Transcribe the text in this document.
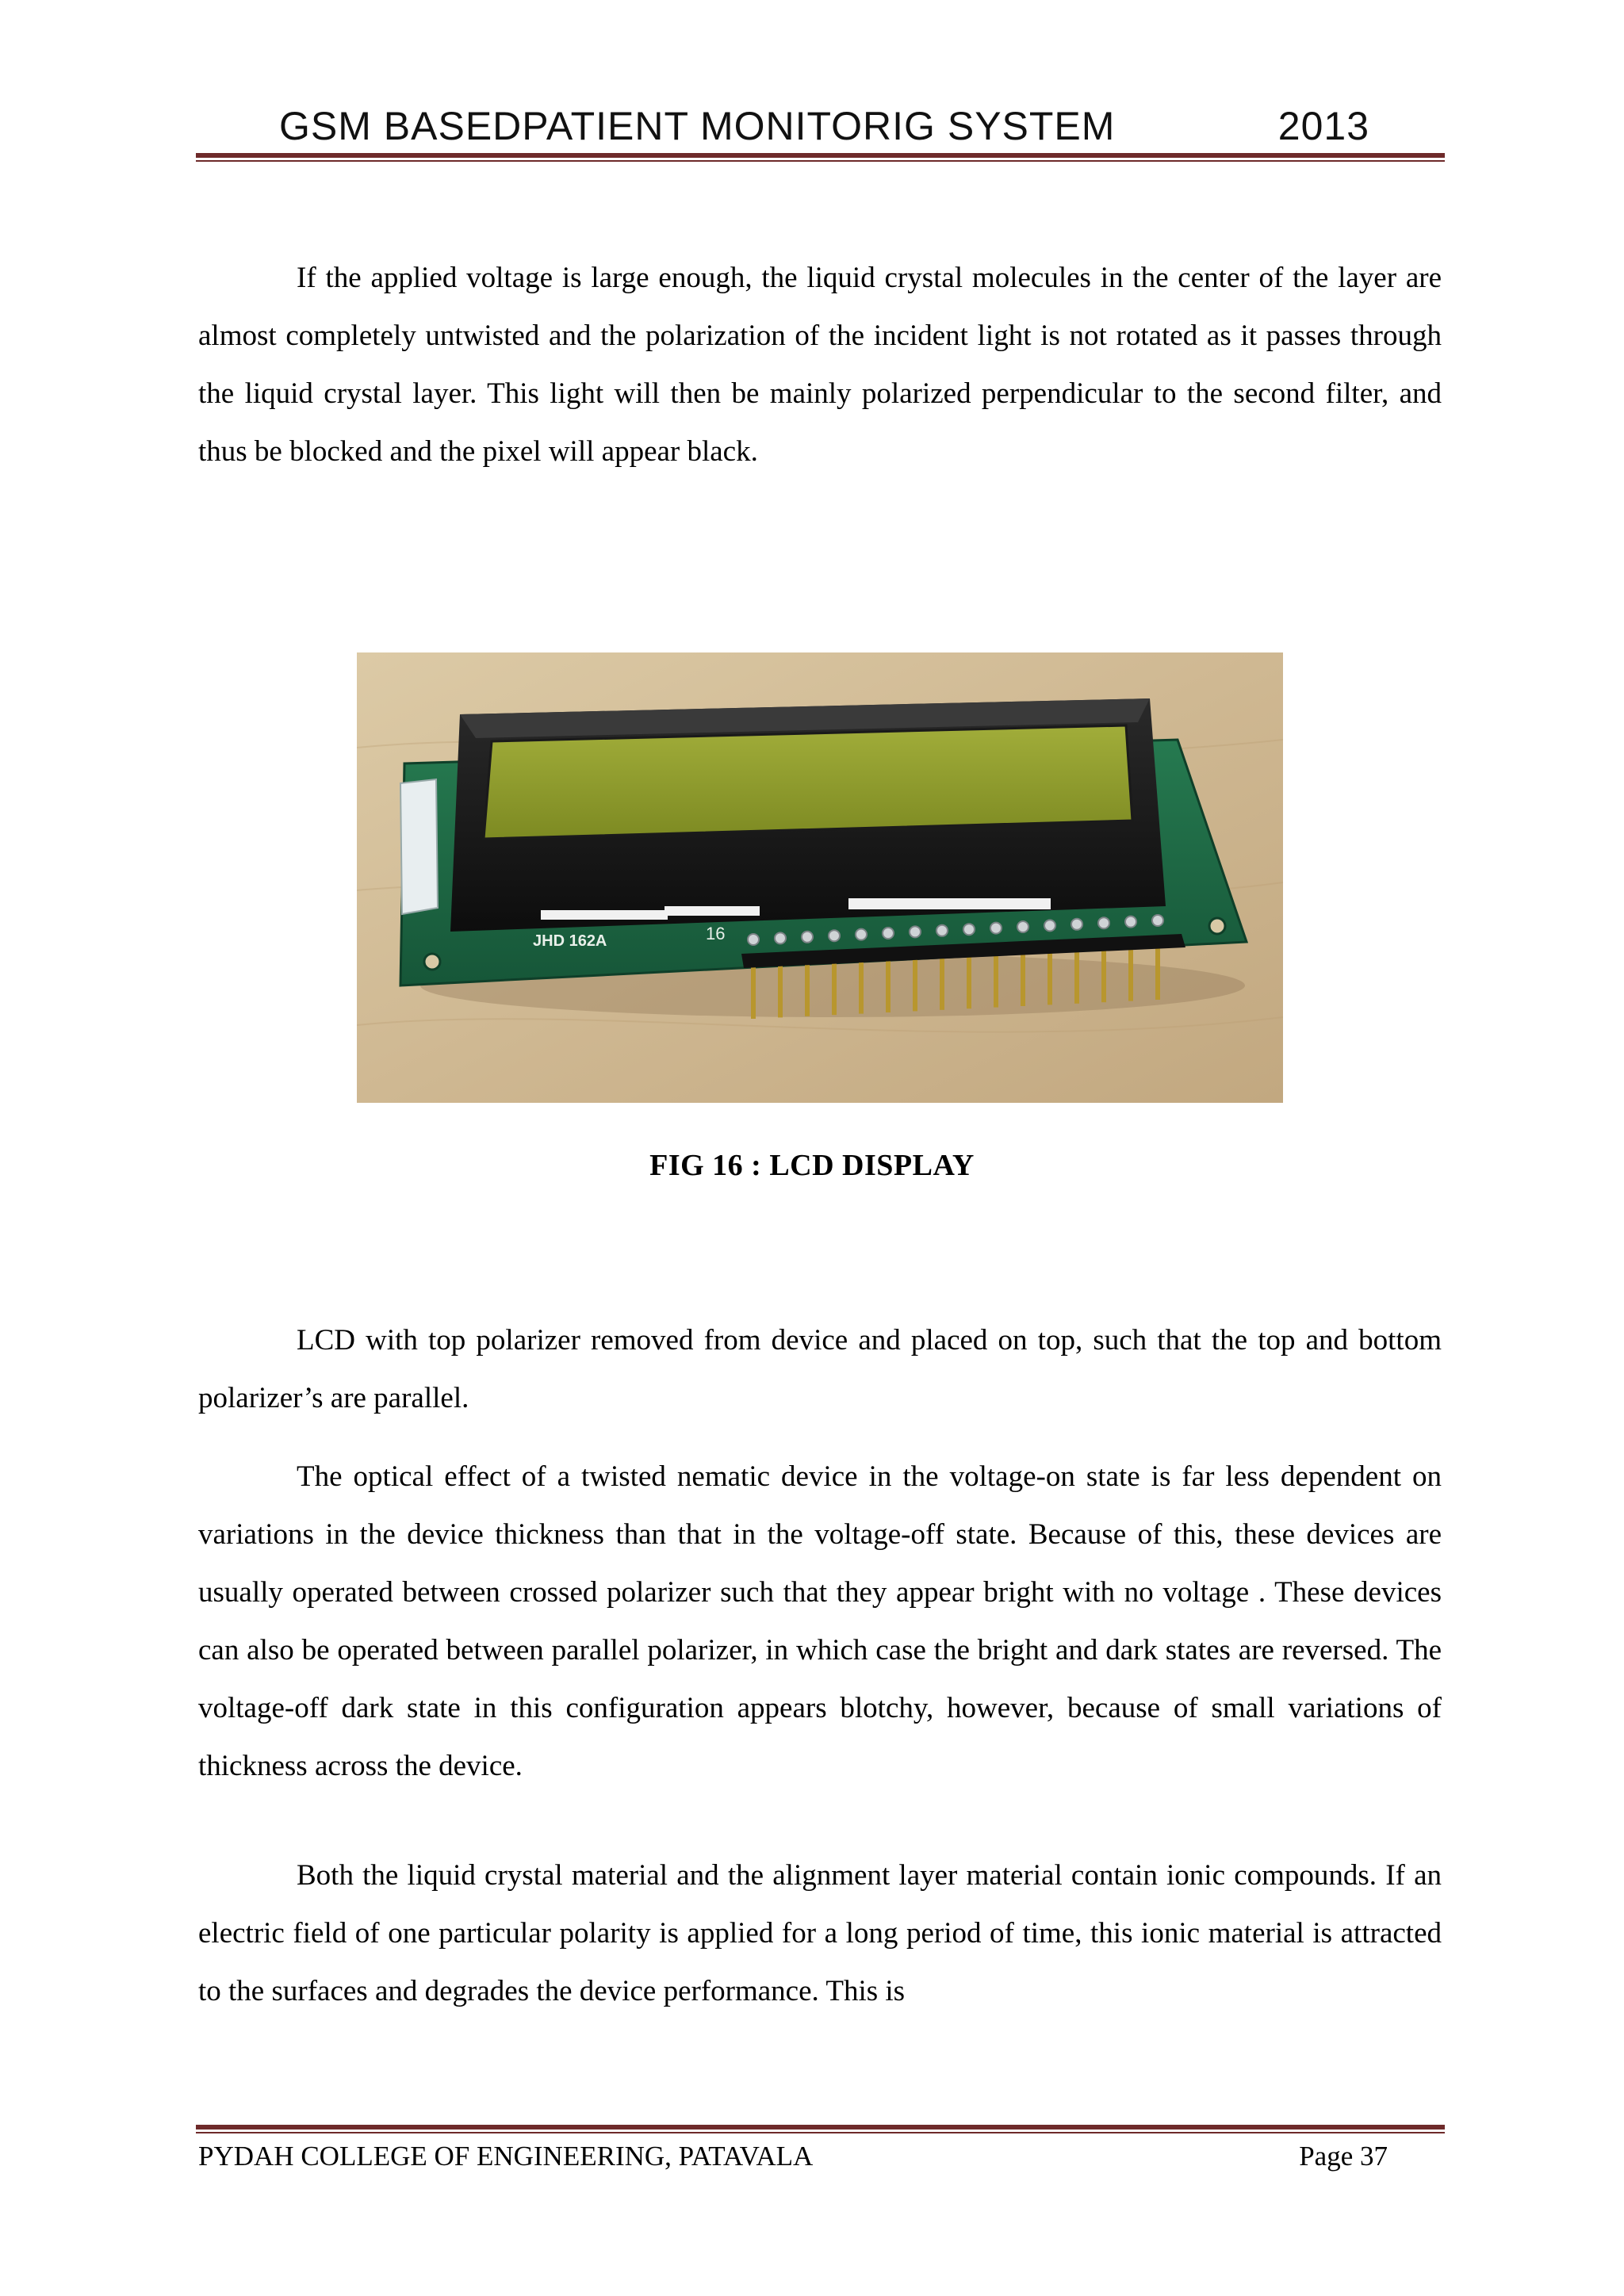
GSM BASEDPATIENT MONITORIG SYSTEM	2013

If the applied voltage is large enough, the liquid crystal molecules in the center of the layer are almost completely untwisted and the polarization of the incident light is not rotated as it passes through the liquid crystal layer. This light will then be mainly polarized perpendicular to the second filter, and thus be blocked and the pixel will appear black.

JHD 162A	16
FIG 16 : LCD DISPLAY

LCD with top polarizer removed from device and placed on top, such that the top and bottom polarizer’s are parallel.

The optical effect of a twisted nematic device in the voltage-on state is far less dependent on variations in the device thickness than that in the voltage-off state. Because of this, these devices are usually operated between crossed polarizer such that they appear bright with no voltage . These devices can also be operated between parallel polarizer, in which case the bright and dark states are reversed. The voltage-off dark state in this configuration appears blotchy, however, because of small variations of thickness across the device.

Both the liquid crystal material and the alignment layer material contain ionic compounds. If an electric field of one particular polarity is applied for a long period of time, this ionic material is attracted to the surfaces and degrades the device performance. This is

PYDAH COLLEGE OF ENGINEERING, PATAVALA	Page 37
